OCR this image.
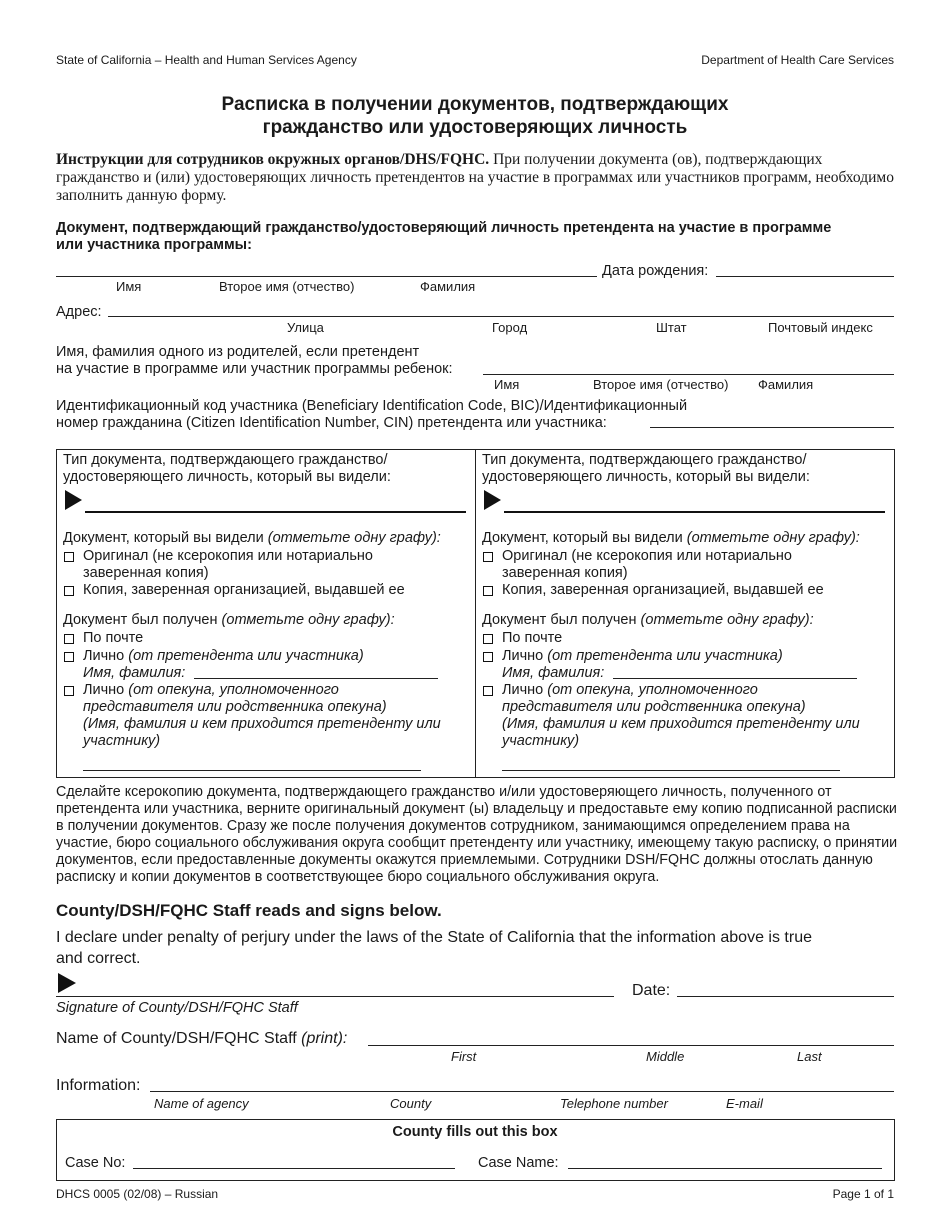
State of California – Health and Human Services Agency	Department of Health Care Services
Расписка в получении документов, подтверждающих
гражданство или удостоверяющих личность
Инструкции для сотрудников окружных органов/DHS/FQHC. При получении документа (ов), подтверждающих гражданство и (или) удостоверяющих личность претендентов на участие в программах или участников программ, необходимо заполнить данную форму.
Документ, подтверждающий гражданство/удостоверяющий личность претендента на участие в программе
или участника программы:
Дата рождения:
Имя	Второе имя (отчество)	Фамилия
Адрес:
Улица	Город	Штат	Почтовый индекс
Имя, фамилия одного из родителей, если претендент
на участие в программе или участник программы ребенок:
Имя	Второе имя (отчество) Фамилия
Идентификационный код участника (Beneficiary Identification Code, BIC)/Идентификационный
номер гражданина (Citizen Identification Number, CIN) претендента или участника:
Тип документа, подтверждающего гражданство/
удостоверяющего личность, который вы видели:
Документ, который вы видели (отметьте одну графу):
Оригинал (не ксерокопия или нотариально
заверенная копия)
Копия, заверенная организацией, выдавшей ее
Документ был получен (отметьте одну графу):
По почте
Лично (от претендента или участника)
Имя, фамилия:
Лично (от опекуна, уполномоченного
представителя или родственника опекуна)
(Имя, фамилия и кем приходится претенденту или
участнику)
Тип документа, подтверждающего гражданство/
удостоверяющего личность, который вы видели:
Документ, который вы видели (отметьте одну графу):
Оригинал (не ксерокопия или нотариально
заверенная копия)
Копия, заверенная организацией, выдавшей ее
Документ был получен (отметьте одну графу):
По почте
Лично (от претендента или участника)
Имя, фамилия:
Лично (от опекуна, уполномоченного
представителя или родственника опекуна)
(Имя, фамилия и кем приходится претенденту или
участнику)
Сделайте ксерокопию документа, подтверждающего гражданство и/или удостоверяющего личность, полученного от претендента или участника, верните оригинальный документ (ы) владельцу и предоставьте ему копию подписанной расписки в получении документов. Сразу же после получения документов сотрудником, занимающимся определением права на участие, бюро социального обслуживания округа сообщит претенденту или участнику, имеющему такую расписку, о принятии документов, если предоставленные документы окажутся приемлемыми. Сотрудники DSH/FQHC должны отослать данную расписку и копии документов в соответствующее бюро социального обслуживания округа.
County/DSH/FQHC Staff reads and signs below.
I declare under penalty of perjury under the laws of the State of California that the information above is true
and correct.
Date:
Signature of County/DSH/FQHC Staff
Name of County/DSH/FQHC Staff (print):
First	Middle	Last
Information:
Name of agency	County	Telephone number	E-mail
County fills out this box
Case No:	Case Name:
DHCS 0005 (02/08) – Russian	Page 1 of 1
